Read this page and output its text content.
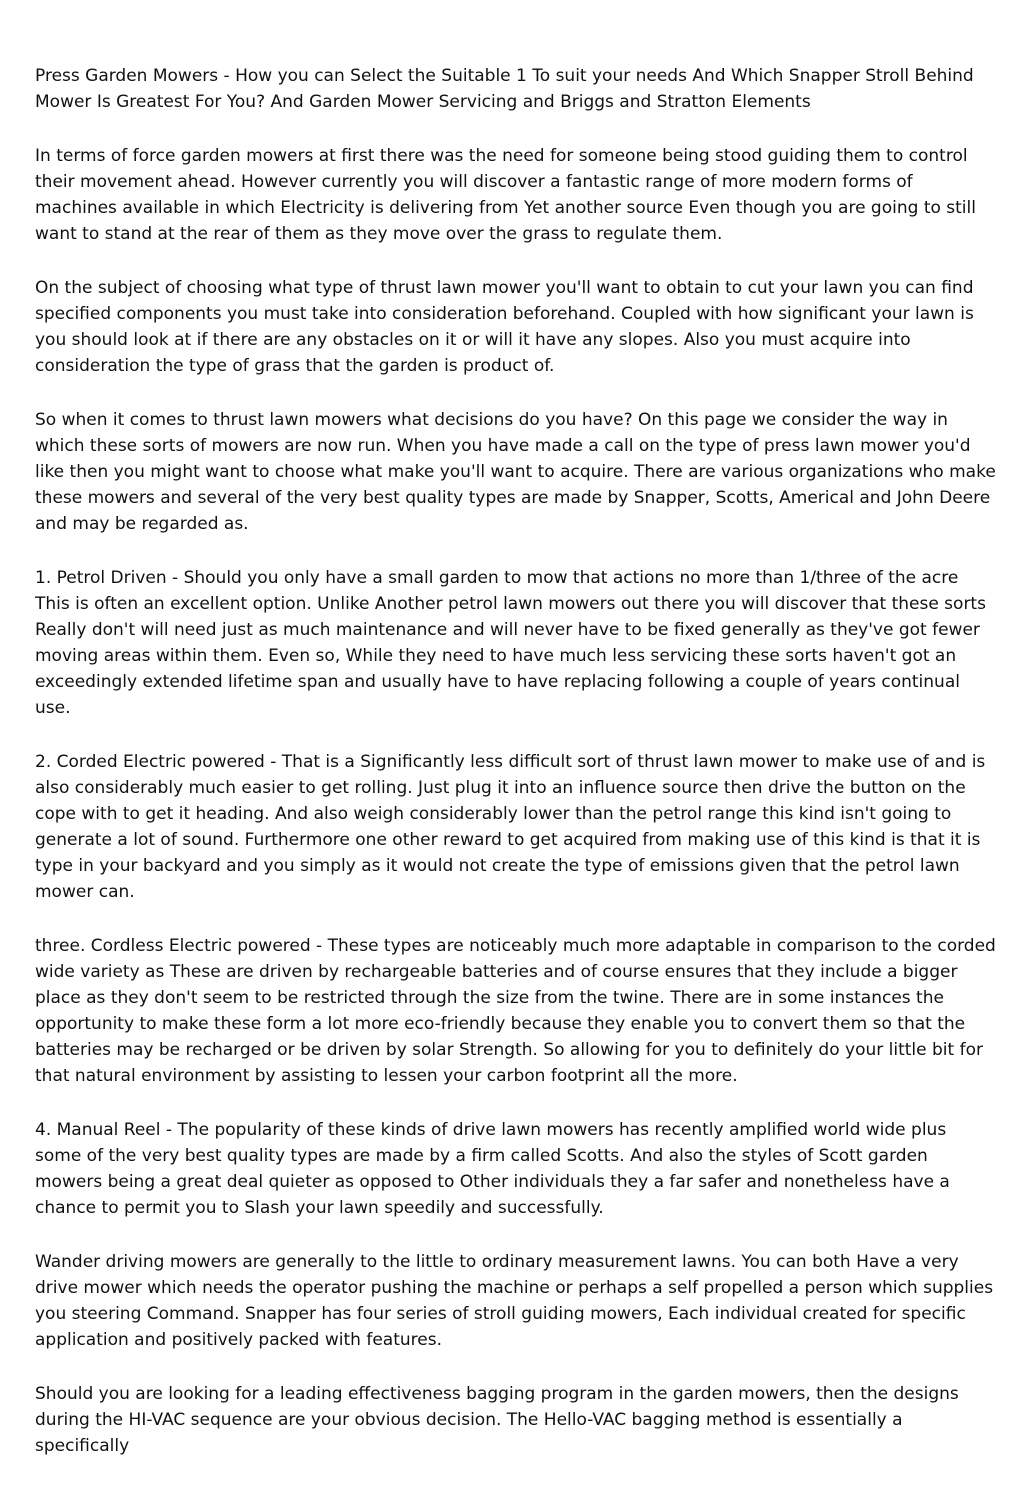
Press Garden Mowers - How you can Select the Suitable 1 To suit your needs And Which Snapper Stroll Behind Mower Is Greatest For You? And Garden Mower Servicing and Briggs and Stratton Elements

In terms of force garden mowers at first there was the need for someone being stood guiding them to control their movement ahead. However currently you will discover a fantastic range of more modern forms of machines available in which Electricity is delivering from Yet another source Even though you are going to still want to stand at the rear of them as they move over the grass to regulate them.

On the subject of choosing what type of thrust lawn mower you'll want to obtain to cut your lawn you can find specified components you must take into consideration beforehand. Coupled with how significant your lawn is you should look at if there are any obstacles on it or will it have any slopes. Also you must acquire into consideration the type of grass that the garden is product of.

So when it comes to thrust lawn mowers what decisions do you have? On this page we consider the way in which these sorts of mowers are now run. When you have made a call on the type of press lawn mower you'd like then you might want to choose what make you'll want to acquire. There are various organizations who make these mowers and several of the very best quality types are made by Snapper, Scotts, Americal and John Deere and may be regarded as.

1. Petrol Driven - Should you only have a small garden to mow that actions no more than 1/three of the acre This is often an excellent option. Unlike Another petrol lawn mowers out there you will discover that these sorts Really don't will need just as much maintenance and will never have to be fixed generally as they've got fewer moving areas within them. Even so, While they need to have much less servicing these sorts haven't got an exceedingly extended lifetime span and usually have to have replacing following a couple of years continual use.

2. Corded Electric powered - That is a Significantly less difficult sort of thrust lawn mower to make use of and is also considerably much easier to get rolling. Just plug it into an influence source then drive the button on the cope with to get it heading. And also weigh considerably lower than the petrol range this kind isn't going to generate a lot of sound. Furthermore one other reward to get acquired from making use of this kind is that it is type in your backyard and you simply as it would not create the type of emissions given that the petrol lawn mower can.

three. Cordless Electric powered - These types are noticeably much more adaptable in comparison to the corded wide variety as These are driven by rechargeable batteries and of course ensures that they include a bigger place as they don't seem to be restricted through the size from the twine. There are in some instances the opportunity to make these form a lot more eco-friendly because they enable you to convert them so that the batteries may be recharged or be driven by solar Strength. So allowing for you to definitely do your little bit for that natural environment by assisting to lessen your carbon footprint all the more.

4. Manual Reel - The popularity of these kinds of drive lawn mowers has recently amplified world wide plus some of the very best quality types are made by a firm called Scotts. And also the styles of Scott garden mowers being a great deal quieter as opposed to Other individuals they a far safer and nonetheless have a chance to permit you to Slash your lawn speedily and successfully.

Wander driving mowers are generally to the little to ordinary measurement lawns. You can both Have a very drive mower which needs the operator pushing the machine or perhaps a self propelled a person which supplies you steering Command. Snapper has four series of stroll guiding mowers, Each individual created for specific application and positively packed with features.

Should you are looking for a leading effectiveness bagging program in the garden mowers, then the designs during the HI-VAC sequence are your obvious decision. The Hello-VAC bagging method is essentially a specifically
